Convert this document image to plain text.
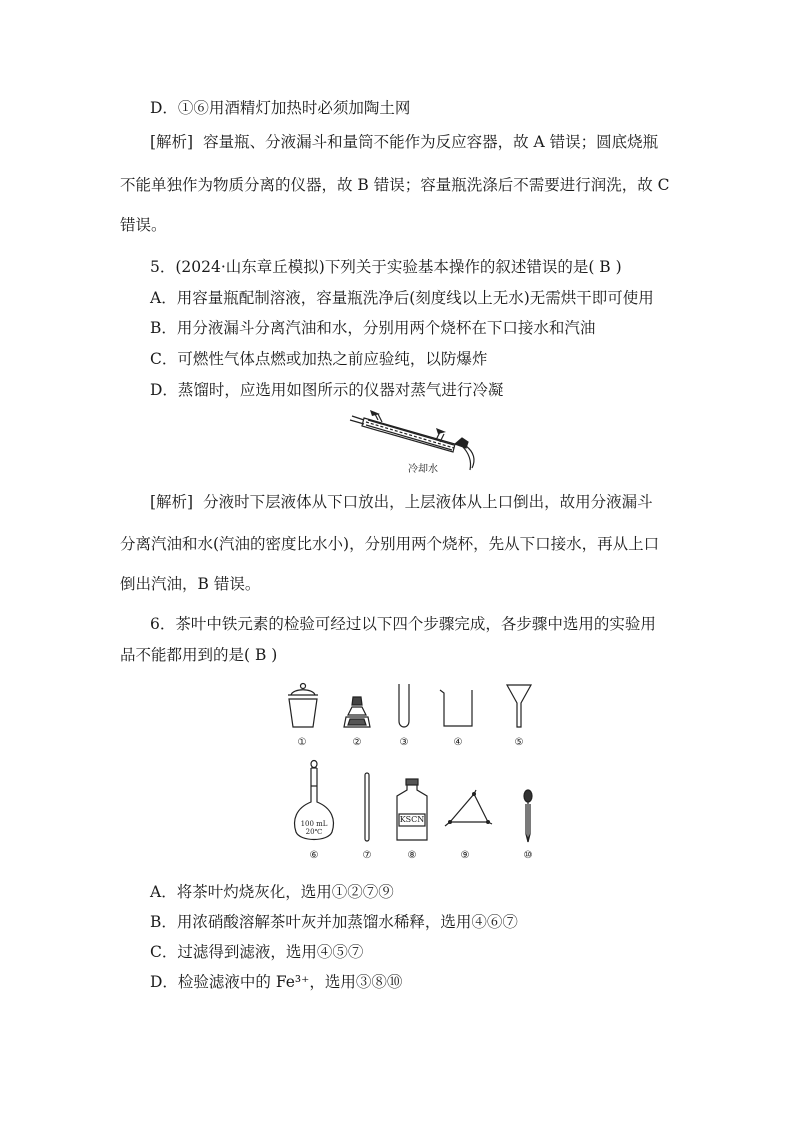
D．①⑥用酒精灯加热时必须加陶土网
[解析] 容量瓶、分液漏斗和量筒不能作为反应容器，故 A 错误；圆底烧瓶
不能单独作为物质分离的仪器，故 B 错误；容量瓶洗涤后不需要进行润洗，故 C
错误。
5．(2024·山东章丘模拟)下列关于实验基本操作的叙述错误的是( B )
A．用容量瓶配制溶液，容量瓶洗净后(刻度线以上无水)无需烘干即可使用
B．用分液漏斗分离汽油和水，分别用两个烧杯在下口接水和汽油
C．可燃性气体点燃或加热之前应验纯，以防爆炸
D．蒸馏时，应选用如图所示的仪器对蒸气进行冷凝
冷却水
[解析] 分液时下层液体从下口放出，上层液体从上口倒出，故用分液漏斗
分离汽油和水(汽油的密度比水小)，分别用两个烧杯，先从下口接水，再从上口
倒出汽油，B 错误。
6．茶叶中铁元素的检验可经过以下四个步骤完成，各步骤中选用的实验用
品不能都用到的是( B )
①	②	③	④	⑤
100 mL
20℃
⑥	⑦
KSCN
⑧	⑨	⑩
A．将茶叶灼烧灰化，选用①②⑦⑨
B．用浓硝酸溶解茶叶灰并加蒸馏水稀释，选用④⑥⑦
C．过滤得到滤液，选用④⑤⑦
D．检验滤液中的 Fe³⁺，选用③⑧⑩
